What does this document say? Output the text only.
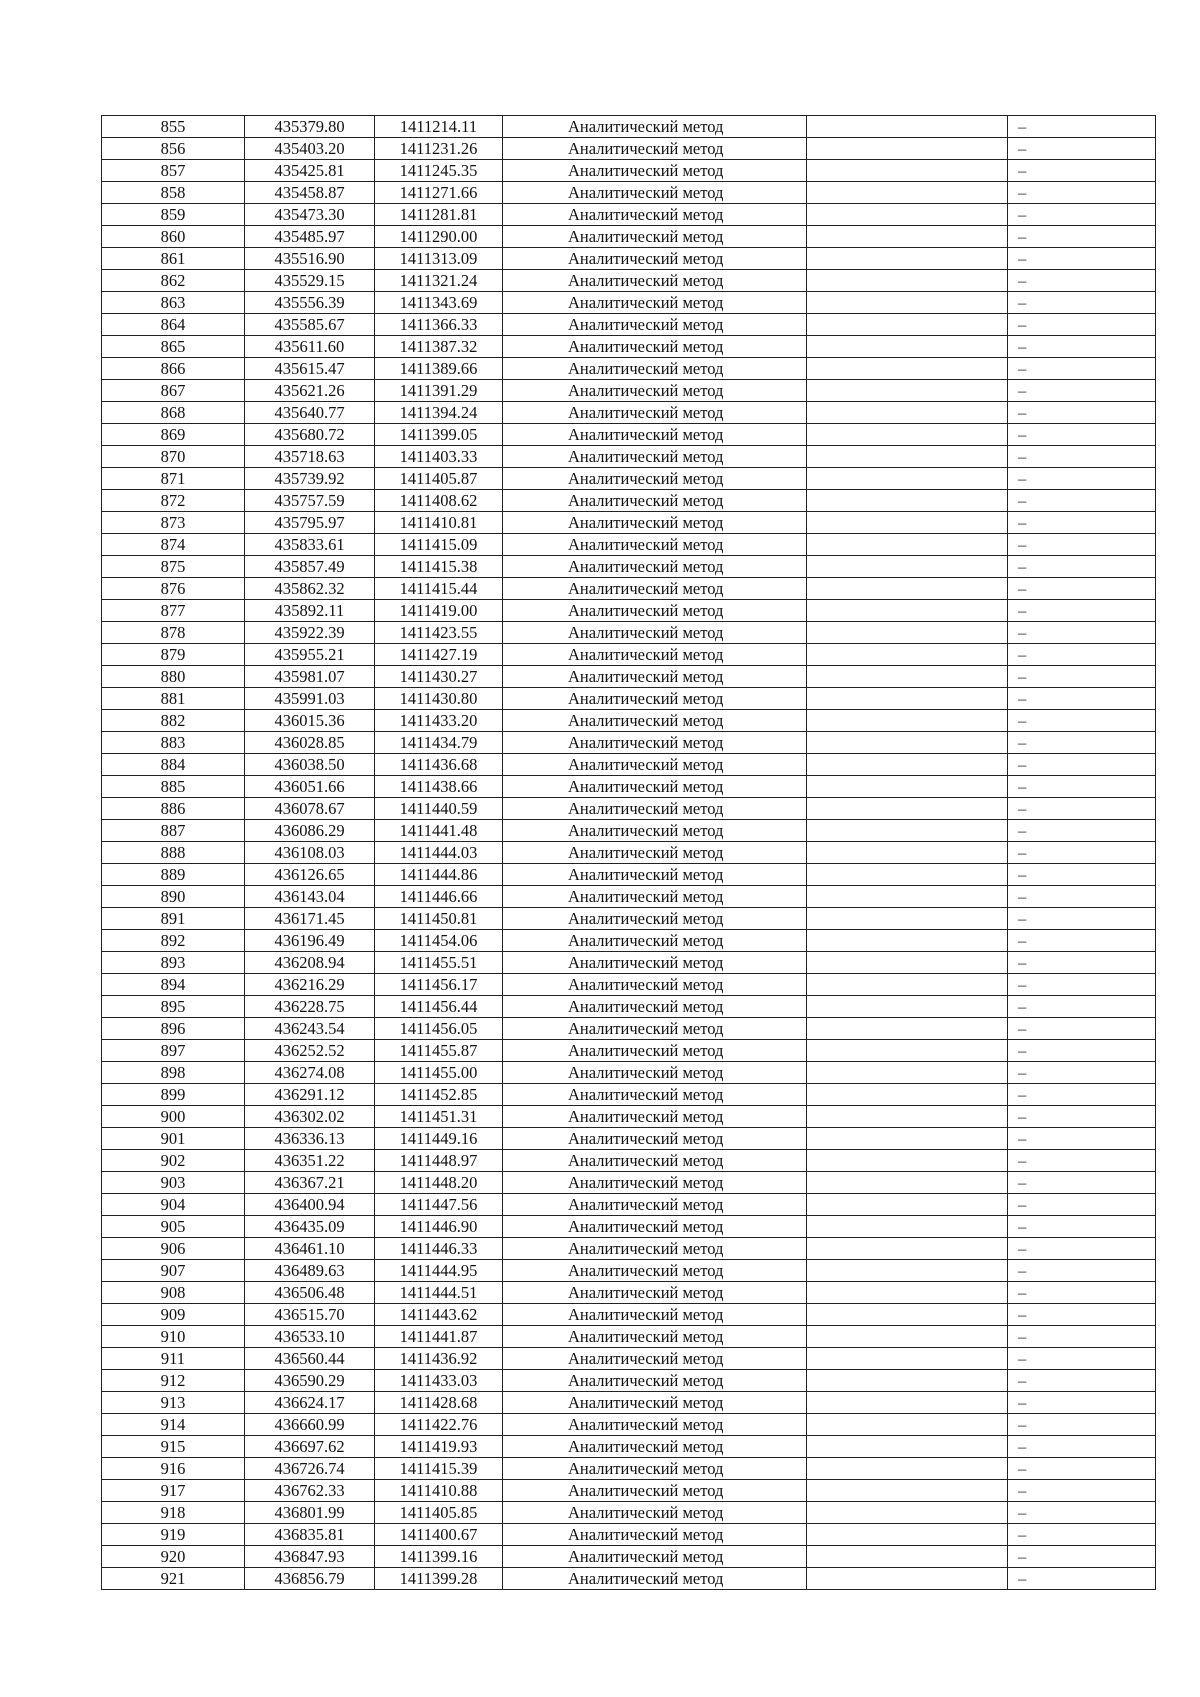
855	435379.80	1411214.11	Аналитический метод		–
856	435403.20	1411231.26	Аналитический метод		–
857	435425.81	1411245.35	Аналитический метод		–
858	435458.87	1411271.66	Аналитический метод		–
859	435473.30	1411281.81	Аналитический метод		–
860	435485.97	1411290.00	Аналитический метод		–
861	435516.90	1411313.09	Аналитический метод		–
862	435529.15	1411321.24	Аналитический метод		–
863	435556.39	1411343.69	Аналитический метод		–
864	435585.67	1411366.33	Аналитический метод		–
865	435611.60	1411387.32	Аналитический метод		–
866	435615.47	1411389.66	Аналитический метод		–
867	435621.26	1411391.29	Аналитический метод		–
868	435640.77	1411394.24	Аналитический метод		–
869	435680.72	1411399.05	Аналитический метод		–
870	435718.63	1411403.33	Аналитический метод		–
871	435739.92	1411405.87	Аналитический метод		–
872	435757.59	1411408.62	Аналитический метод		–
873	435795.97	1411410.81	Аналитический метод		–
874	435833.61	1411415.09	Аналитический метод		–
875	435857.49	1411415.38	Аналитический метод		–
876	435862.32	1411415.44	Аналитический метод		–
877	435892.11	1411419.00	Аналитический метод		–
878	435922.39	1411423.55	Аналитический метод		–
879	435955.21	1411427.19	Аналитический метод		–
880	435981.07	1411430.27	Аналитический метод		–
881	435991.03	1411430.80	Аналитический метод		–
882	436015.36	1411433.20	Аналитический метод		–
883	436028.85	1411434.79	Аналитический метод		–
884	436038.50	1411436.68	Аналитический метод		–
885	436051.66	1411438.66	Аналитический метод		–
886	436078.67	1411440.59	Аналитический метод		–
887	436086.29	1411441.48	Аналитический метод		–
888	436108.03	1411444.03	Аналитический метод		–
889	436126.65	1411444.86	Аналитический метод		–
890	436143.04	1411446.66	Аналитический метод		–
891	436171.45	1411450.81	Аналитический метод		–
892	436196.49	1411454.06	Аналитический метод		–
893	436208.94	1411455.51	Аналитический метод		–
894	436216.29	1411456.17	Аналитический метод		–
895	436228.75	1411456.44	Аналитический метод		–
896	436243.54	1411456.05	Аналитический метод		–
897	436252.52	1411455.87	Аналитический метод		–
898	436274.08	1411455.00	Аналитический метод		–
899	436291.12	1411452.85	Аналитический метод		–
900	436302.02	1411451.31	Аналитический метод		–
901	436336.13	1411449.16	Аналитический метод		–
902	436351.22	1411448.97	Аналитический метод		–
903	436367.21	1411448.20	Аналитический метод		–
904	436400.94	1411447.56	Аналитический метод		–
905	436435.09	1411446.90	Аналитический метод		–
906	436461.10	1411446.33	Аналитический метод		–
907	436489.63	1411444.95	Аналитический метод		–
908	436506.48	1411444.51	Аналитический метод		–
909	436515.70	1411443.62	Аналитический метод		–
910	436533.10	1411441.87	Аналитический метод		–
911	436560.44	1411436.92	Аналитический метод		–
912	436590.29	1411433.03	Аналитический метод		–
913	436624.17	1411428.68	Аналитический метод		–
914	436660.99	1411422.76	Аналитический метод		–
915	436697.62	1411419.93	Аналитический метод		–
916	436726.74	1411415.39	Аналитический метод		–
917	436762.33	1411410.88	Аналитический метод		–
918	436801.99	1411405.85	Аналитический метод		–
919	436835.81	1411400.67	Аналитический метод		–
920	436847.93	1411399.16	Аналитический метод		–
921	436856.79	1411399.28	Аналитический метод		–
